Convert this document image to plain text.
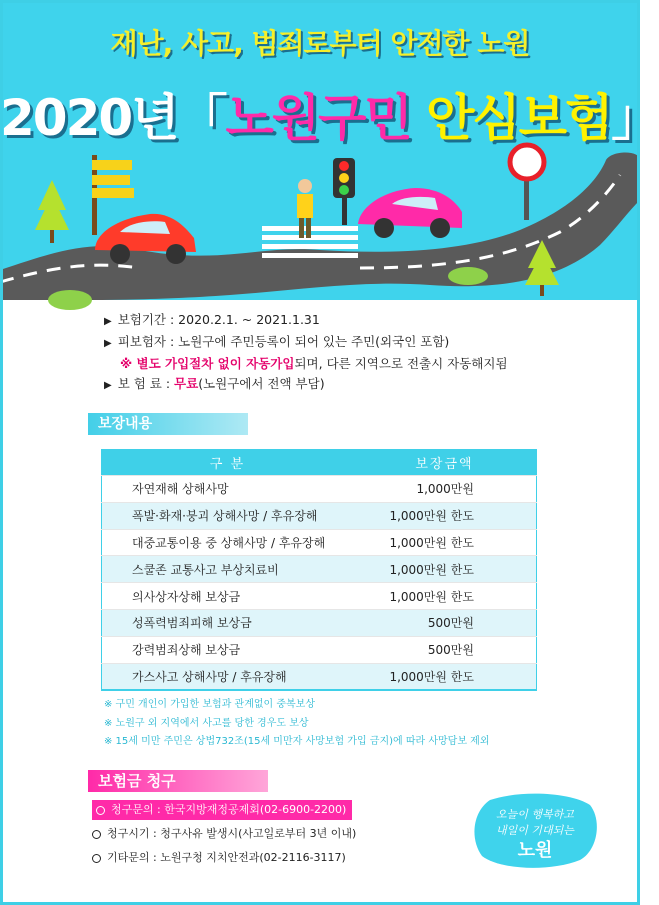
재난, 사고, 범죄로부터 안전한 노원
2020년「노원구민 안심보험」
▶ 보험기간 : 2020.2.1. ~ 2021.1.31
▶ 피보험자 : 노원구에 주민등록이 되어 있는 주민(외국인 포함)
※ 별도 가입절차 없이 자동가입되며, 다른 지역으로 전출시 자동해지됨
▶ 보 험 료 : 무료(노원구에서 전액 부담)
보장내용
구 분	보장금액
자연재해 상해사망	1,000만원
폭발·화재·붕괴 상해사망 / 후유장해	1,000만원 한도
대중교통이용 중 상해사망 / 후유장해	1,000만원 한도
스쿨존 교통사고 부상치료비	1,000만원 한도
의사상자상해 보상금	1,000만원 한도
성폭력범죄피해 보상금	500만원
강력범죄상해 보상금	500만원
가스사고 상해사망 / 후유장해	1,000만원 한도
※ 구민 개인이 가입한 보험과 관계없이 중복보상
※ 노원구 외 지역에서 사고를 당한 경우도 보상
※ 15세 미만 주민은 상법732조(15세 미만자 사망보험 가입 금지)에 따라 사망담보 제외
보험금 청구
청구문의 : 한국지방재정공제회(02-6900-2200)
청구시기 : 청구사유 발생시(사고일로부터 3년 이내)
기타문의 : 노원구청 지치안전과(02-2116-3117)
오늘이 행복하고
내일이 기대되는
노원
